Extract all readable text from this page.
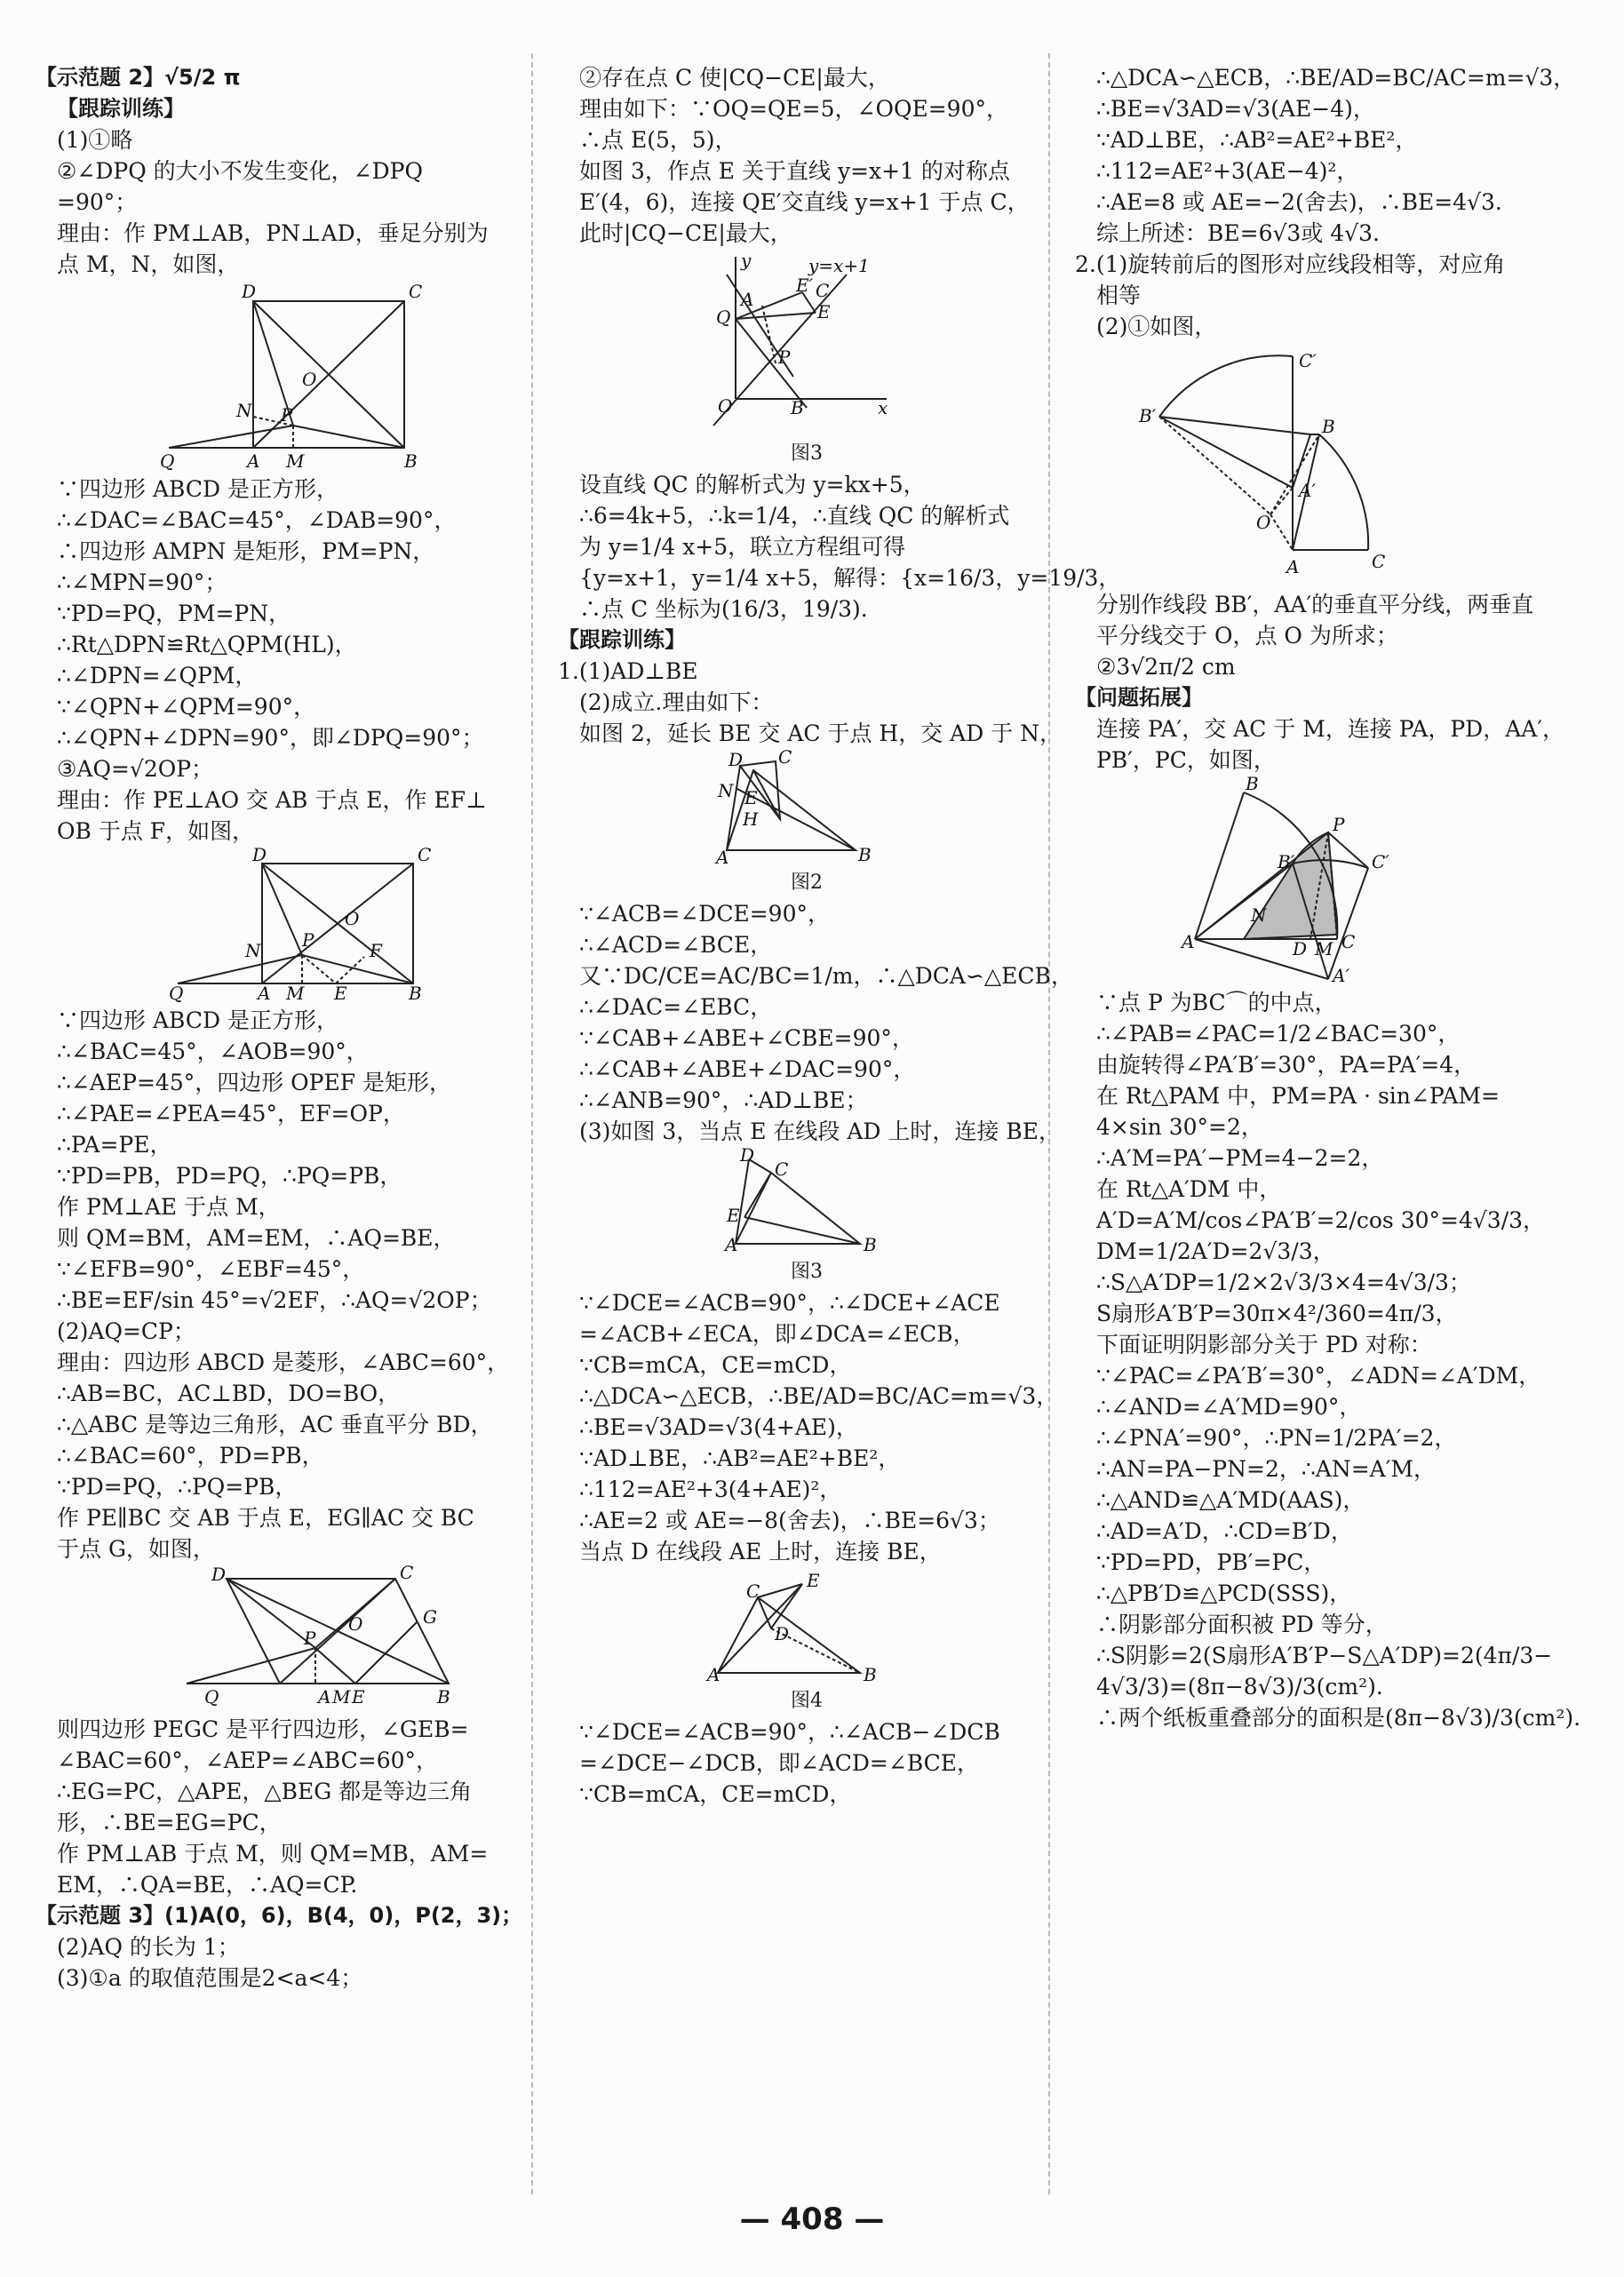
【示范题 2】√5/2 π
【跟踪训练】
(1)①略
②∠DPQ 的大小不发生变化，∠DPQ
=90°；
理由：作 PM⊥AB，PN⊥AD，垂足分别为
点 M，N，如图，
D	C
O
N P
Q	A M	B
∵四边形 ABCD 是正方形，
∴∠DAC=∠BAC=45°，∠DAB=90°，
∴四边形 AMPN 是矩形，PM=PN，
∴∠MPN=90°；
∵PD=PQ，PM=PN，
∴Rt△DPN≌Rt△QPM(HL)，
∴∠DPN=∠QPM，
∵∠QPN+∠QPM=90°，
∴∠QPN+∠DPN=90°，即∠DPQ=90°；
③AQ=√2OP；
理由：作 PE⊥AO 交 AB 于点 E，作 EF⊥
OB 于点 F，如图，
D	C
O
P
N	F
Q	A M E	B
∵四边形 ABCD 是正方形，
∴∠BAC=45°，∠AOB=90°，
∴∠AEP=45°，四边形 OPEF 是矩形，
∴∠PAE=∠PEA=45°，EF=OP，
∴PA=PE，
∵PD=PB，PD=PQ，∴PQ=PB，
作 PM⊥AE 于点 M，
则 QM=BM，AM=EM，∴AQ=BE，
∵∠EFB=90°，∠EBF=45°，
∴BE=EF/sin 45°=√2EF，∴AQ=√2OP；
(2)AQ=CP；
理由：四边形 ABCD 是菱形，∠ABC=60°，
∴AB=BC，AC⊥BD，DO=BO，
∴△ABC 是等边三角形，AC 垂直平分 BD，
∴∠BAC=60°，PD=PB，
∵PD=PQ，∴PQ=PB，
作 PE∥BC 交 AB 于点 E，EG∥AC 交 BC
于点 G，如图，
D	C
O	G
P
Q	A M E	B
则四边形 PEGC 是平行四边形，∠GEB=
∠BAC=60°，∠AEP=∠ABC=60°，
∴EG=PC，△APE，△BEG 都是等边三角
形，∴BE=EG=PC，
作 PM⊥AB 于点 M，则 QM=MB，AM=
EM，∴QA=BE，∴AQ=CP.
【示范题 3】(1)A(0，6)，B(4，0)，P(2，3)；
(2)AQ 的长为 1；
(3)①a 的取值范围是2<a<4；
②存在点 C 使|CQ−CE|最大，
理由如下：∵OQ=QE=5，∠OQE=90°，
∴点 E(5，5)，
如图 3，作点 E 关于直线 y=x+1 的对称点
E′(4，6)，连接 QE′交直线 y=x+1 于点 C，
此时|CQ−CE|最大，
y	y=x+1
E′ C
A
E
Q
P
O	B	x
图3
设直线 QC 的解析式为 y=kx+5，
∴6=4k+5，∴k=1/4，∴直线 QC 的解析式
为 y=1/4 x+5，联立方程组可得
{y=x+1，y=1/4 x+5，解得：{x=16/3，y=19/3，
∴点 C 坐标为(16/3，19/3).
【跟踪训练】
1.(1)AD⊥BE
(2)成立.理由如下：
如图 2，延长 BE 交 AC 于点 H，交 AD 于 N，
D C
N E
H
A	B
图2
∵∠ACB=∠DCE=90°，
∴∠ACD=∠BCE，
又∵DC/CE=AC/BC=1/m，∴△DCA∽△ECB，
∴∠DAC=∠EBC，
∵∠CAB+∠ABE+∠CBE=90°，
∴∠CAB+∠ABE+∠DAC=90°，
∴∠ANB=90°，∴AD⊥BE；
(3)如图 3，当点 E 在线段 AD 上时，连接 BE，
D
C
E
A	B
图3
∵∠DCE=∠ACB=90°，∴∠DCE+∠ACE
=∠ACB+∠ECA，即∠DCA=∠ECB，
∵CB=mCA，CE=mCD，
∴△DCA∽△ECB，∴BE/AD=BC/AC=m=√3，
∴BE=√3AD=√3(4+AE)，
∵AD⊥BE，∴AB²=AE²+BE²，
∴112=AE²+3(4+AE)²，
∴AE=2 或 AE=−8(舍去)，∴BE=6√3；
当点 D 在线段 AE 上时，连接 BE，
C	E
D
A	B
图4
∵∠DCE=∠ACB=90°，∴∠ACB−∠DCB
=∠DCE−∠DCB，即∠ACD=∠BCE，
∵CB=mCA，CE=mCD，
∴△DCA∽△ECB，∴BE/AD=BC/AC=m=√3，
∴BE=√3AD=√3(AE−4)，
∵AD⊥BE，∴AB²=AE²+BE²，
∴112=AE²+3(AE−4)²，
∴AE=8 或 AE=−2(舍去)，∴BE=4√3.
综上所述：BE=6√3或 4√3.
2.(1)旋转前后的图形对应线段相等，对应角
相等
(2)①如图，
C′
B′	B
A′
O
A	C
分别作线段 BB′，AA′的垂直平分线，两垂直
平分线交于 O，点 O 为所求；
②3√2π/2 cm
【问题拓展】
连接 PA′，交 AC 于 M，连接 PA，PD，AA′，
PB′，PC，如图，
B
P
C′
B′
N
A	D M C
A′
∵点 P 为BC⌒的中点，
∴∠PAB=∠PAC=1/2∠BAC=30°，
由旋转得∠PA′B′=30°，PA=PA′=4，
在 Rt△PAM 中，PM=PA · sin∠PAM=
4×sin 30°=2，
∴A′M=PA′−PM=4−2=2，
在 Rt△A′DM 中，
A′D=A′M/cos∠PA′B′=2/cos 30°=4√3/3，
DM=1/2A′D=2√3/3，
∴S△A′DP=1/2×2√3/3×4=4√3/3；
S扇形A′B′P=30π×4²/360=4π/3，
下面证明阴影部分关于 PD 对称：
∵∠PAC=∠PA′B′=30°，∠ADN=∠A′DM，
∴∠AND=∠A′MD=90°，
∴∠PNA′=90°，∴PN=1/2PA′=2，
∴AN=PA−PN=2，∴AN=A′M，
∴△AND≌△A′MD(AAS)，
∴AD=A′D，∴CD=B′D，
∵PD=PD，PB′=PC，
∴△PB′D≌△PCD(SSS)，
∴阴影部分面积被 PD 等分，
∴S阴影=2(S扇形A′B′P−S△A′DP)=2(4π/3−
4√3/3)=(8π−8√3)/3(cm²).
∴两个纸板重叠部分的面积是(8π−8√3)/3(cm²).
— 408 —
